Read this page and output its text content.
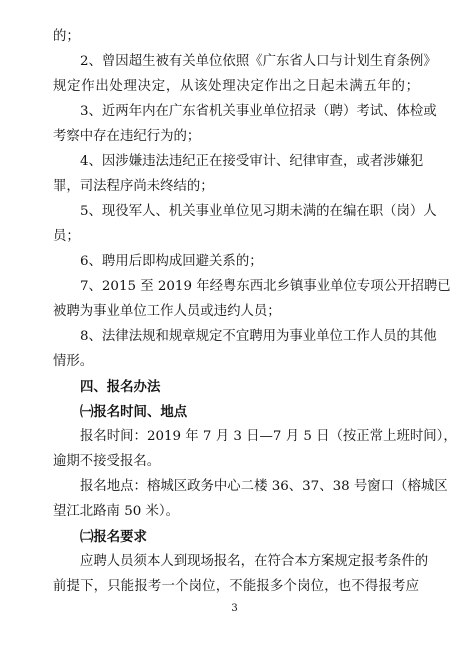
的；
2、曾因超生被有关单位依照《广东省人口与计划生育条例》
规定作出处理决定，从该处理决定作出之日起未满五年的；
3、近两年内在广东省机关事业单位招录（聘）考试、体检或
考察中存在违纪行为的；
4、因涉嫌违法违纪正在接受审计、纪律审查，或者涉嫌犯
罪，司法程序尚未终结的；
5、现役军人、机关事业单位见习期未满的在编在职（岗）人
员；
6、聘用后即构成回避关系的；
7、2015 至 2019 年经粤东西北乡镇事业单位专项公开招聘已
被聘为事业单位工作人员或违约人员；
8、法律法规和规章规定不宜聘用为事业单位工作人员的其他
情形。
四、报名办法
㈠报名时间、地点
报名时间：2019 年 7 月 3 日—7 月 5 日（按正常上班时间），
逾期不接受报名。
报名地点：榕城区政务中心二楼 36、37、38 号窗口（榕城区
望江北路南 50 米）。
㈡报名要求
应聘人员须本人到现场报名，在符合本方案规定报考条件的
前提下，只能报考一个岗位，不能报多个岗位，也不得报考应
3
